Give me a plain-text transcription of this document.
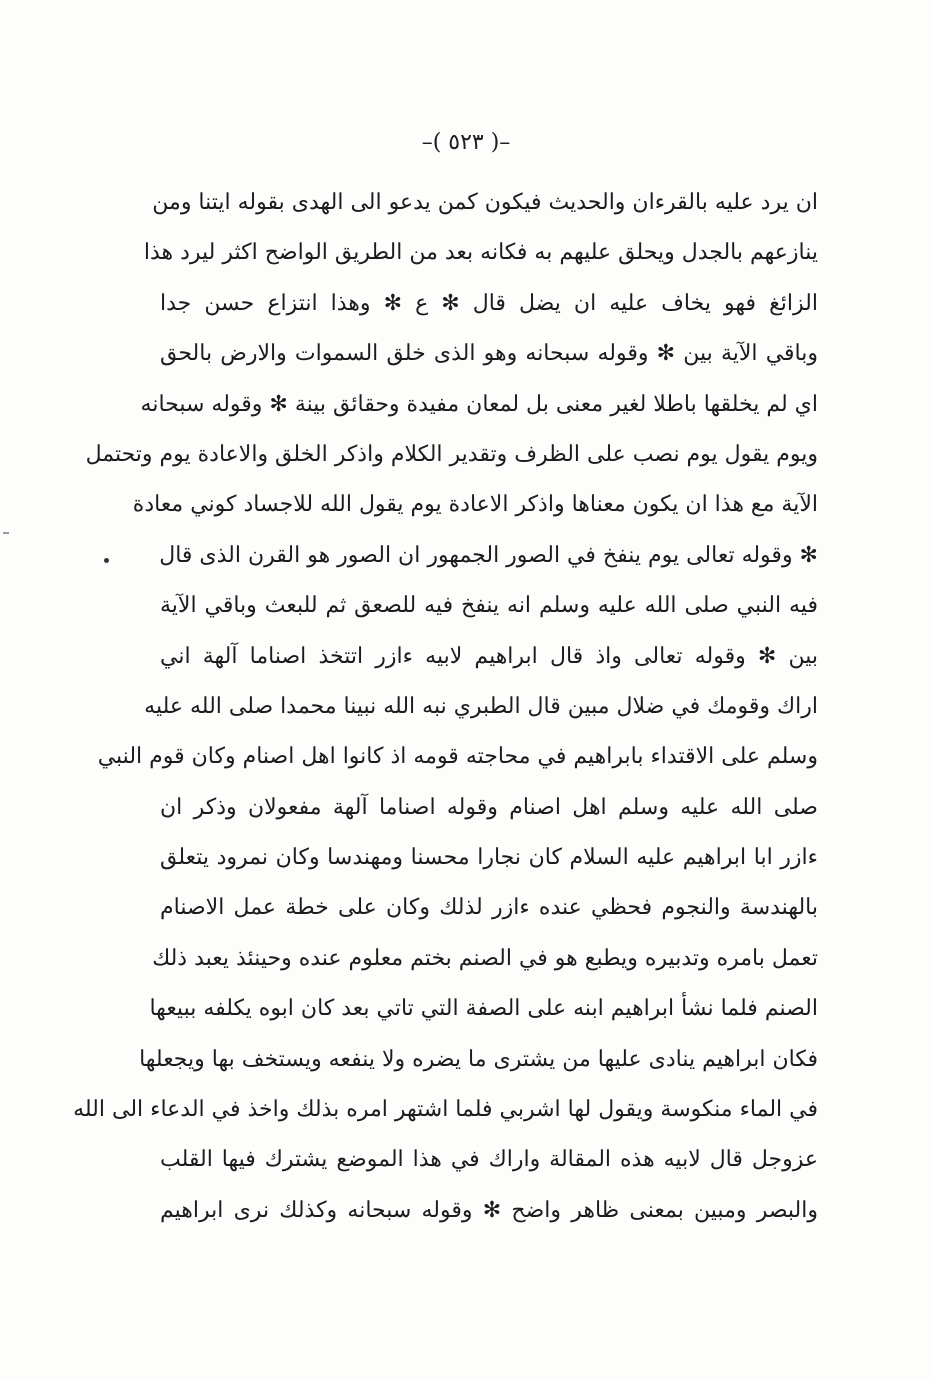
–( ٥٢٣ )–
ان يرد عليه بالقرءان والحديث فيكون كمن يدعو الى الهدى بقوله ايتنا ومن
ينازعهم بالجدل ويحلق عليهم به فكانه بعد من الطريق الواضح اكثر ليرد هذا
الزائغ فهو يخاف عليه ان يضل قال ✻ ع ✻ وهذا انتزاع حسن جدا
وباقي الآية بين ✻ وقوله سبحانه وهو الذى خلق السموات والارض بالحق
اي لم يخلقها باطلا لغير معنى بل لمعان مفيدة وحقائق بينة ✻ وقوله سبحانه
ويوم يقول يوم نصب على الظرف وتقدير الكلام واذكر الخلق والاعادة يوم وتحتمل
الآية مع هذا ان يكون معناها واذكر الاعادة يوم يقول الله للاجساد كوني معادة
✻ وقوله تعالى يوم ينفخ في الصور الجمهور ان الصور هو القرن الذى قال
فيه النبي صلى الله عليه وسلم انه ينفخ فيه للصعق ثم للبعث وباقي الآية
بين ✻ وقوله تعالى واذ قال ابراهيم لابيه ءازر اتتخذ اصناما آلهة اني
اراك وقومك في ضلال مبين قال الطبري نبه الله نبينا محمدا صلى الله عليه
وسلم على الاقتداء بابراهيم في محاجته قومه اذ كانوا اهل اصنام وكان قوم النبي
صلى الله عليه وسلم اهل اصنام وقوله اصناما آلهة مفعولان وذكر ان
ءازر ابا ابراهيم عليه السلام كان نجارا محسنا ومهندسا وكان نمرود يتعلق
بالهندسة والنجوم فحظي عنده ءازر لذلك وكان على خطة عمل الاصنام
تعمل بامره وتدبيره ويطبع هو في الصنم بختم معلوم عنده وحينئذ يعبد ذلك
الصنم فلما نشأ ابراهيم ابنه على الصفة التي تاتي بعد كان ابوه يكلفه ببيعها
فكان ابراهيم ينادى عليها من يشترى ما يضره ولا ينفعه ويستخف بها ويجعلها
في الماء منكوسة ويقول لها اشربي فلما اشتهر امره بذلك واخذ في الدعاء الى الله
عزوجل قال لابيه هذه المقالة واراك في هذا الموضع يشترك فيها القلب
والبصر ومبين بمعنى ظاهر واضح ✻ وقوله سبحانه وكذلك نرى ابراهيم
